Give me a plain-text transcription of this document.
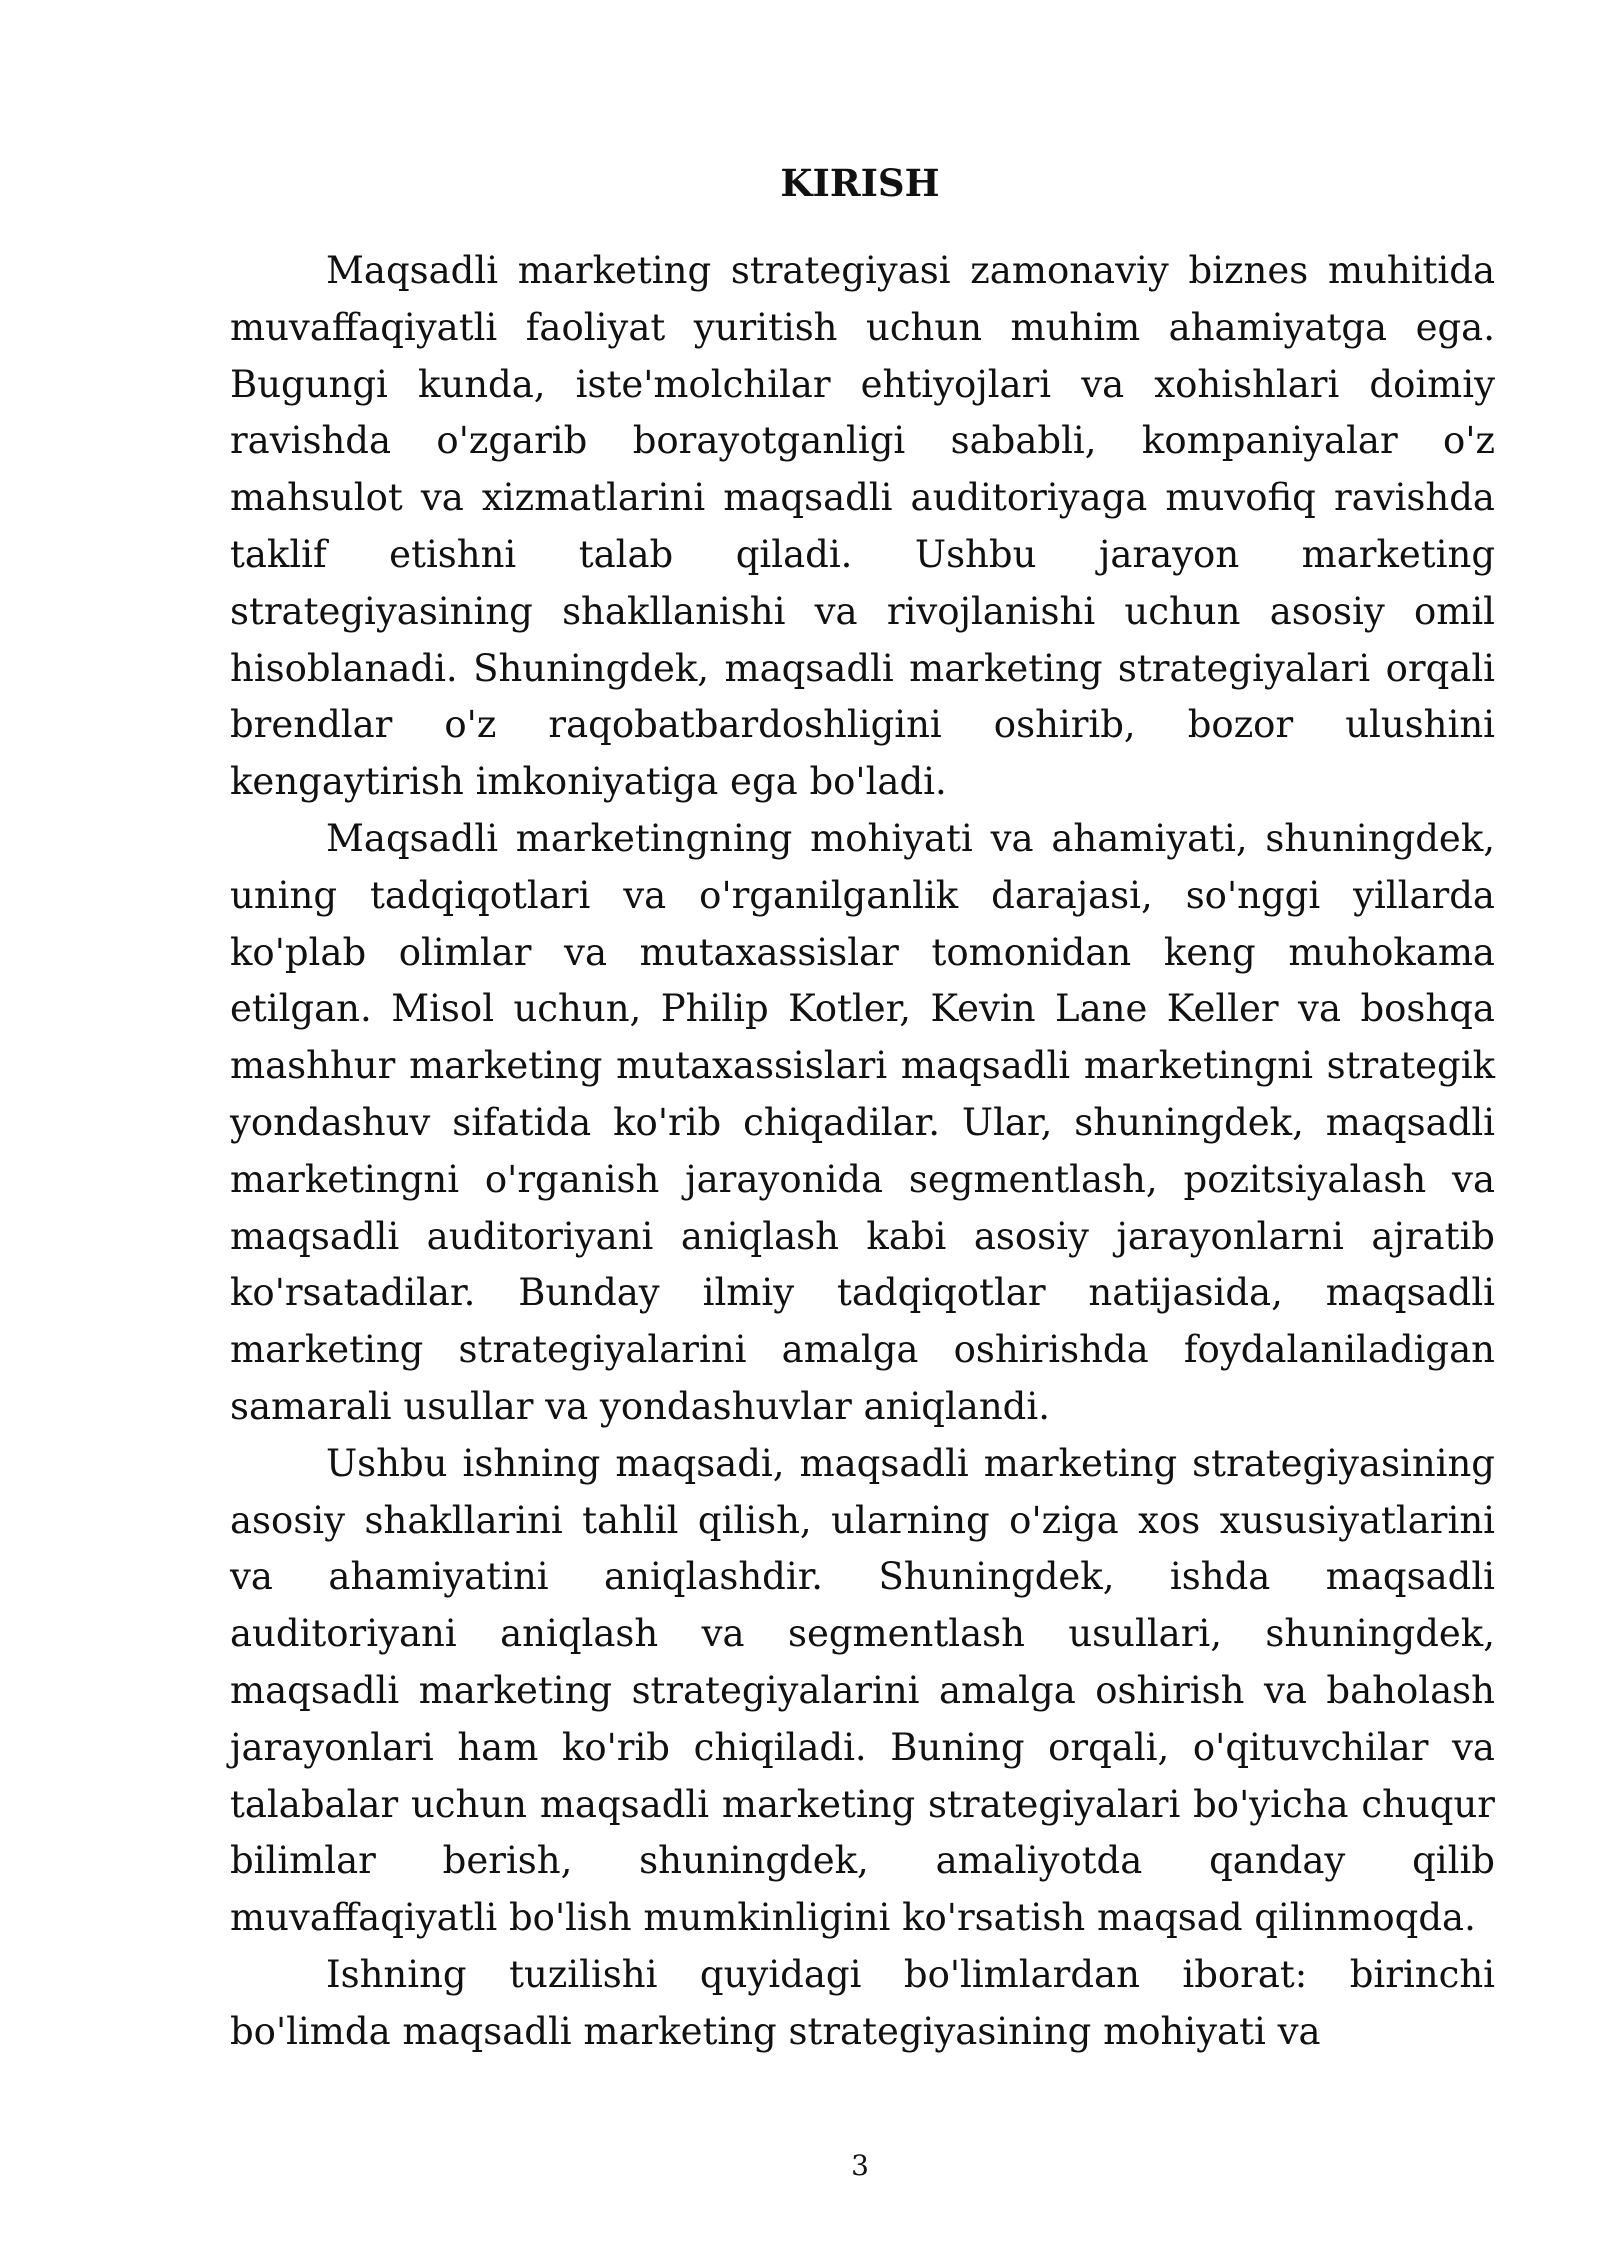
KIRISH

Maqsadli marketing strategiyasi zamonaviy biznes muhitida muvaffaqiyatli faoliyat yuritish uchun muhim ahamiyatga ega. Bugungi kunda, iste'molchilar ehtiyojlari va xohishlari doimiy ravishda o'zgarib borayotganligi sababli, kompaniyalar o'z mahsulot va xizmatlarini maqsadli auditoriyaga muvofiq ravishda taklif etishni talab qiladi. Ushbu jarayon marketing strategiyasining shakllanishi va rivojlanishi uchun asosiy omil hisoblanadi. Shuningdek, maqsadli marketing strategiyalari orqali brendlar o'z raqobatbardoshligini oshirib, bozor ulushini kengaytirish imkoniyatiga ega bo'ladi.

Maqsadli marketingning mohiyati va ahamiyati, shuningdek, uning tadqiqotlari va o'rganilganlik darajasi, so'nggi yillarda ko'plab olimlar va mutaxassislar tomonidan keng muhokama etilgan. Misol uchun, Philip Kotler, Kevin Lane Keller va boshqa mashhur marketing mutaxassislari maqsadli marketingni strategik yondashuv sifatida ko'rib chiqadilar. Ular, shuningdek, maqsadli marketingni o'rganish jarayonida segmentlash, pozitsiyalash va maqsadli auditoriyani aniqlash kabi asosiy jarayonlarni ajratib ko'rsatadilar. Bunday ilmiy tadqiqotlar natijasida, maqsadli marketing strategiyalarini amalga oshirishda foydalaniladigan samarali usullar va yondashuvlar aniqlandi.

Ushbu ishning maqsadi, maqsadli marketing strategiyasining asosiy shakllarini tahlil qilish, ularning o'ziga xos xususiyatlarini va ahamiyatini aniqlashdir. Shuningdek, ishda maqsadli auditoriyani aniqlash va segmentlash usullari, shuningdek, maqsadli marketing strategiyalarini amalga oshirish va baholash jarayonlari ham ko'rib chiqiladi. Buning orqali, o'qituvchilar va talabalar uchun maqsadli marketing strategiyalari bo'yicha chuqur bilimlar berish, shuningdek, amaliyotda qanday qilib muvaffaqiyatli bo'lish mumkinligini ko'rsatish maqsad qilinmoqda.

Ishning tuzilishi quyidagi bo'limlardan iborat: birinchi bo'limda maqsadli marketing strategiyasining mohiyati va

3
